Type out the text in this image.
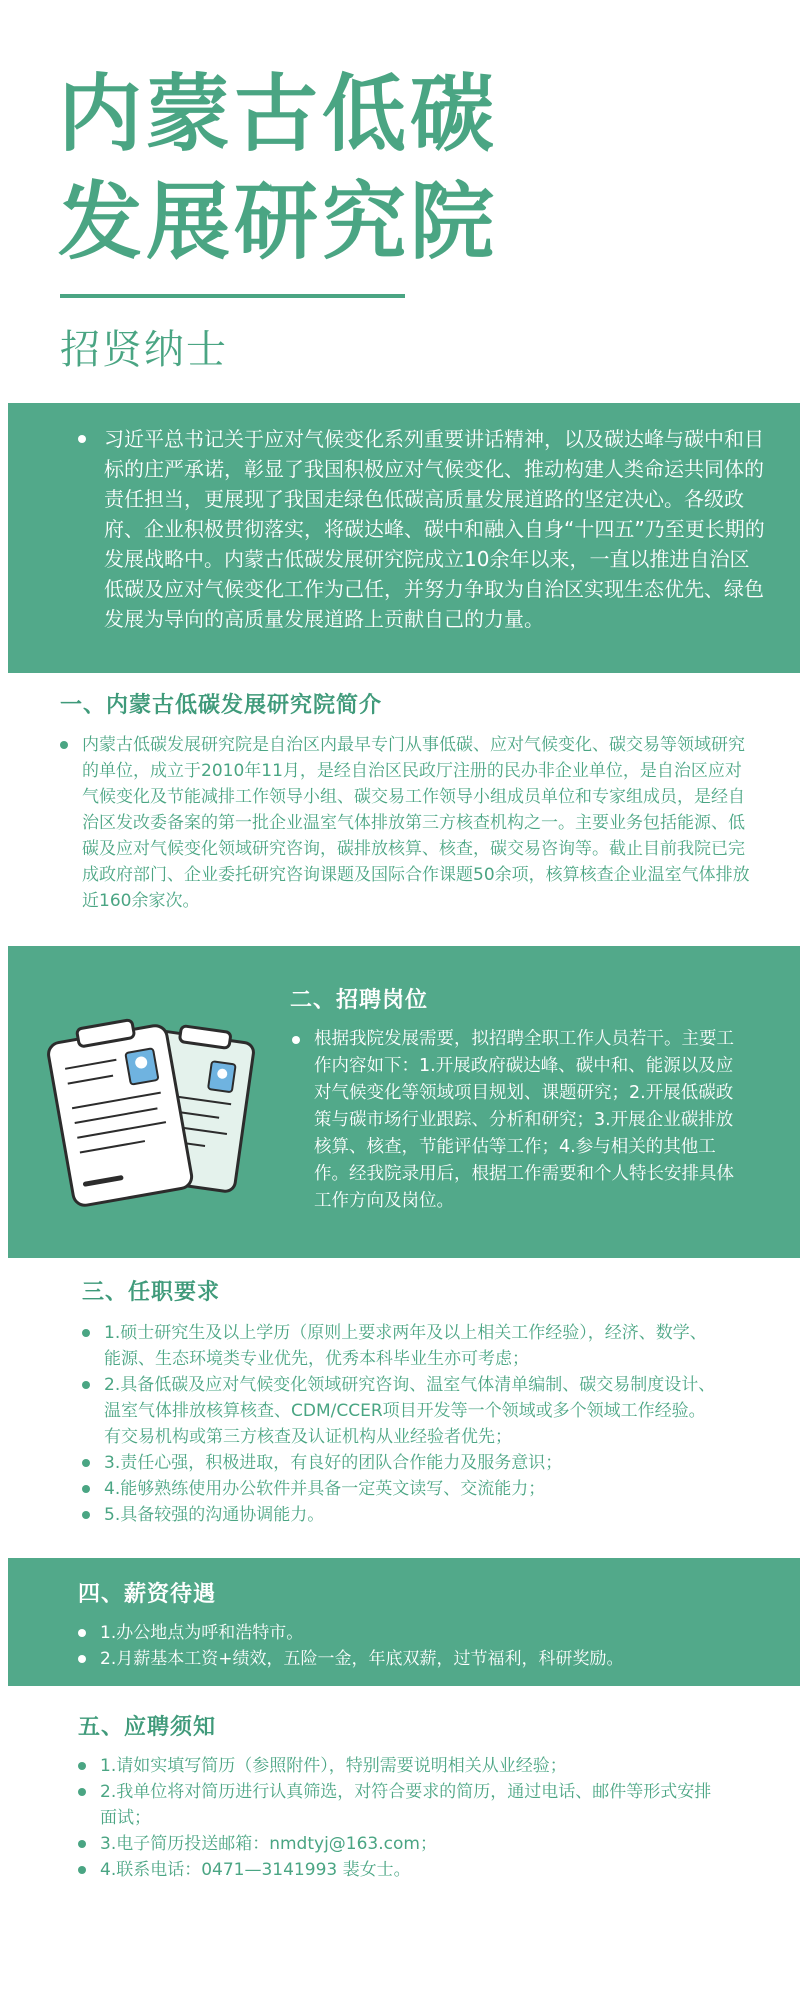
内蒙古低碳
发展研究院
招贤纳士
习近平总书记关于应对气候变化系列重要讲话精神，以及碳达峰与碳中和目标的庄严承诺，彰显了我国积极应对气候变化、推动构建人类命运共同体的责任担当，更展现了我国走绿色低碳高质量发展道路的坚定决心。各级政府、企业积极贯彻落实，将碳达峰、碳中和融入自身“十四五”乃至更长期的发展战略中。内蒙古低碳发展研究院成立10余年以来，一直以推进自治区低碳及应对气候变化工作为己任，并努力争取为自治区实现生态优先、绿色发展为导向的高质量发展道路上贡献自己的力量。
一、内蒙古低碳发展研究院简介
内蒙古低碳发展研究院是自治区内最早专门从事低碳、应对气候变化、碳交易等领域研究的单位，成立于2010年11月，是经自治区民政厅注册的民办非企业单位，是自治区应对气候变化及节能减排工作领导小组、碳交易工作领导小组成员单位和专家组成员，是经自治区发改委备案的第一批企业温室气体排放第三方核查机构之一。主要业务包括能源、低碳及应对气候变化领域研究咨询，碳排放核算、核查，碳交易咨询等。截止目前我院已完成政府部门、企业委托研究咨询课题及国际合作课题50余项，核算核查企业温室气体排放近160余家次。
二、招聘岗位
根据我院发展需要，拟招聘全职工作人员若干。主要工作内容如下：1.开展政府碳达峰、碳中和、能源以及应对气候变化等领域项目规划、课题研究；2.开展低碳政策与碳市场行业跟踪、分析和研究；3.开展企业碳排放核算、核查，节能评估等工作；4.参与相关的其他工作。经我院录用后，根据工作需要和个人特长安排具体工作方向及岗位。
三、任职要求
1.硕士研究生及以上学历（原则上要求两年及以上相关工作经验），经济、数学、能源、生态环境类专业优先，优秀本科毕业生亦可考虑；
2.具备低碳及应对气候变化领域研究咨询、温室气体清单编制、碳交易制度设计、温室气体排放核算核查、CDM/CCER项目开发等一个领域或多个领域工作经验。有交易机构或第三方核查及认证机构从业经验者优先；
3.责任心强，积极进取，有良好的团队合作能力及服务意识；
4.能够熟练使用办公软件并具备一定英文读写、交流能力；
5.具备较强的沟通协调能力。
四、薪资待遇
1.办公地点为呼和浩特市。
2.月薪基本工资+绩效，五险一金，年底双薪，过节福利，科研奖励。
五、应聘须知
1.请如实填写简历（参照附件），特别需要说明相关从业经验；
2.我单位将对简历进行认真筛选，对符合要求的简历，通过电话、邮件等形式安排面试；
3.电子简历投送邮箱：nmdtyj@163.com；
4.联系电话：0471—3141993 裴女士。
